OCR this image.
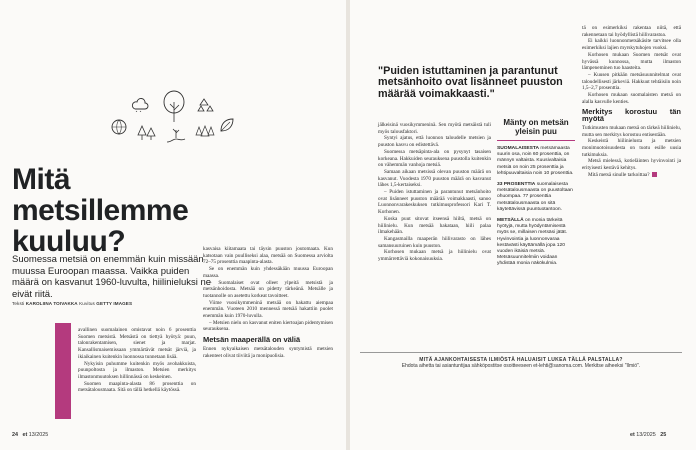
Mitä metsillemme kuuluu?
Suomessa metsiä on enemmän kuin missään muussa Euroopan maassa. Vaikka puiden määrä on kasvanut 1960-luvulta, hiilinieluksi ne eivät riitä.
Teksti KAROLIINA TOIVAKKA Kuvitus GETTY IMAGES

avallinen suomalainen omistavat noin 6 prosenttia Suomen metsistä. Metsästä on tiettyä hyötyä: puun, talonrakentamisen, sienet ja marjat. Kansallismaisemissaan ymmärtävät metsät järviä, ja ikiaikainen kuitenkin luonnossa tunnetaan lisää.

Nykyisin puhumme kuitenkin myös avohakkuista, puunpoltosta ja ilmaston. Metsien merkitys ilmastonmuutoksen hillinnässä on keskeinen.

Suomen maapinta-alasta 86 prosenttia on metsätalousmaata. Sitä on tällä hetkellä käytössä.

kasvaisa kiitamaata tai täysin puuston joutomaata. Kun katsotaan vain puulliseksi alaa, metsää on Suomessa arviolta 72–75 prosenttia maapinta-alasta.

Se on enemmän kuin yhdessäkään muussa Euroopan maassa.

– Suomalaiset ovat olleet ylpeitä metsistä ja metsänhoidosta. Metsää on pidetty tärkeänä. Metsälle ja tuotannolle on asetettu korkeat tavoitteet.

Viime vuosikymmeninä metsää on hakattu aiempaa enemmän. Vuoteen 2010 mennessä metsää hakattiin puolet enemmän kuin 1970-luvulla.

– Metsien nielu on kasvanut eniten kiertoajan pidentymisen seurauksena.

Metsän maaperällä on väliä

Ennen nykyaikaisen metsätalouden syntymistä metsien rakenteet olivat tiiviitä ja monipuolisia.

"Puiden istuttaminen ja parantunut metsänhoito ovat lisänneet puuston määrää voimakkaasti."

jälkeisinä vuosikymmeninä. Sen myötä metsäistä tuli myös talousfaktori.

Syntyi ajatus, että luonnon taloudelle metsien ja puuston kasvu on edistettävä.

Suomessa metsäpinta-ala on pysynyt tasaisen korkeana. Hakkuiden seurauksena puustolla kuitenkin on vähemmän vanhoja metsiä.

Samaan aikaan metsissä olevan puuston määrä on kasvanut. Vuodesta 1970 puuston määrä on kasvanut lähes 1,5-kertaiseksi.

– Puiden istuttaminen ja parantunut metsänhoito ovat lisänneet puuston määrää voimakkaasti, sanoo Luonnonvarakeskuksen tutkimusprofessori Kari T. Korhonen.

Koska puut sitovat itseensä hiiltä, metsä on hiilinielu. Kun metsää hakataan, hiili palaa ilmakehään.

Kangasmailla maaperän hiilivarasto on lähes samansuuruinen kuin puuston.

Korhosen mukaan metsä ja hiilinielu ovat ymmärrettäviä kokonaisuuksia.

Mänty on metsän yleisin puu

SUOMALAISESTA metsämaasta suurin osa, noin 60 prosenttia, on männyn valtaista. Kuusivaltaisia metsiä on noin 25 prosenttia ja lehtipuuvaltaisia noin 10 prosenttia.

33 PROSENTTIA suomalaisesta metsätalousmaasta on puustoltaan ohuompaa. 77 prosenttia metsätalousmaasta on sitä käytettävissä puuntuotantoon.

METSÄLLÄ on monia tärkeitä hyötyjä, mutta hyödyntämisestä myös se, millaisen metsäsi jätät. Hyvinvointia ja luonnonvaraa kestävästi käyttämällä jopa 120 vuoden ikäisiä metsiä. Metsäsuunnitelmiin voidaan yhdistää monia näkökulmia.

tä on esimerkiksi rakentaa niitä, että rakennetaan tai hyödyllistä hiilivarastoa.

Ei kaikki luonnonmetsäkäsite tarvitsee olla esimerkiksi lajien myrskytuhojen vuoksi.

Korhosen mukaan Suomen metsät ovat hyvässä kunnossa, mutta ilmaston lämpeneminen tuo haasteita.

– Kuusen pitkään metsäsuunnitelmat ovat taloudellisesti järkeviä. Hakkuut tehtäisiin noin 1,5–2,7 prosenttia.

Korhosen mukaan suomalaisten metsä on alalla kasvulle kenties.

Merkitys korostuu tän myötä

Tutkimusten mukaan metsä on tärkeä hiilinielu, mutta sen merkitys korostuu entisestään.

Keskeistä hiilinielusta ja metsien monimuotoisuudesta on tuotu esille uusia tutkimuksia.

Metsä mielessä, kotieläinten hyvinvointi ja erityisesti kestävä kehitys.

Mitä metsä sinulle tarkoittaa?

MITÄ AJANKOHTAISESTA ILMIÖSTÄ HALUAISIT LUKEA TÄLLÄ PALSTALLA?
Ehdota aihetta tai asiantuntijaa sähköpostitse osoitteeseen et-lehti@sanoma.com. Merkitse aiheeksi "Ilmiö".
24 et 13/2025	et 13/2025 25
